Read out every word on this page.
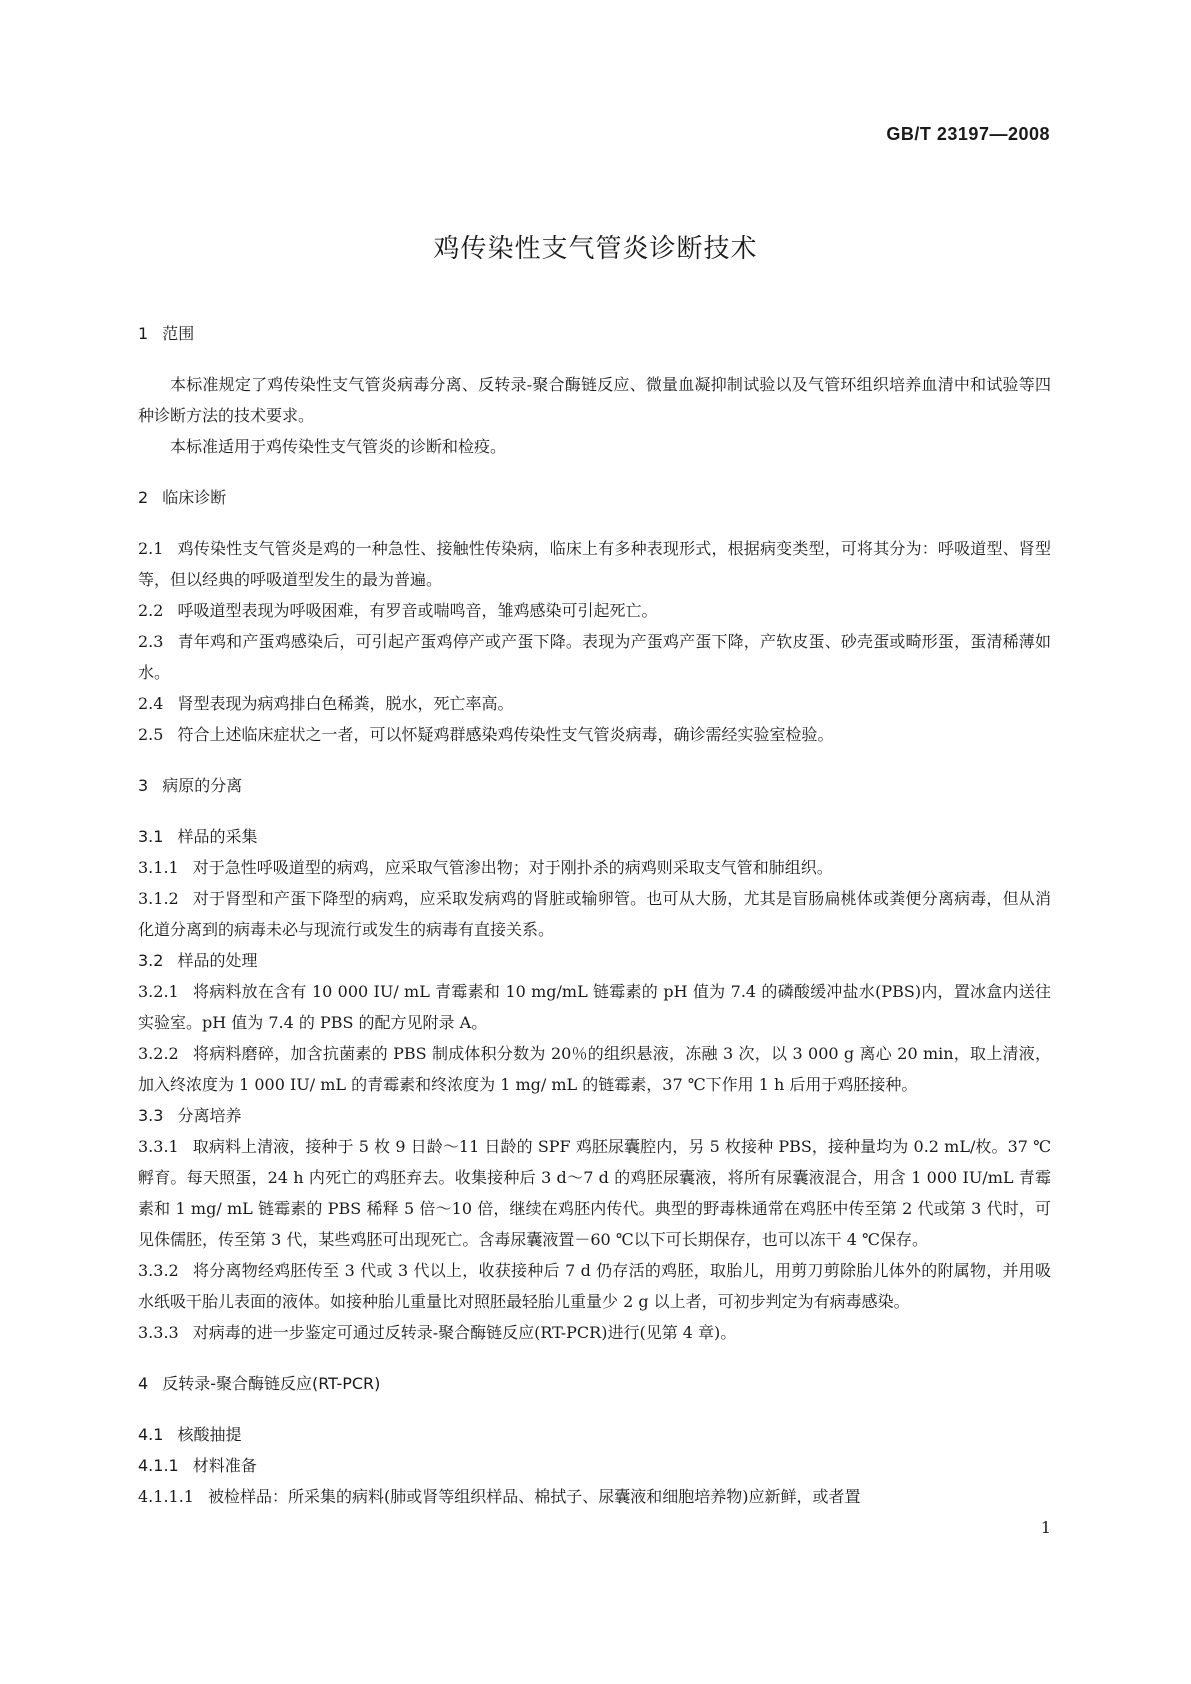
GB/T 23197—2008
鸡传染性支气管炎诊断技术
1 范围
本标准规定了鸡传染性支气管炎病毒分离、反转录-聚合酶链反应、微量血凝抑制试验以及气管环组织培养血清中和试验等四种诊断方法的技术要求。
本标准适用于鸡传染性支气管炎的诊断和检疫。
2 临床诊断
2.1 鸡传染性支气管炎是鸡的一种急性、接触性传染病，临床上有多种表现形式，根据病变类型，可将其分为：呼吸道型、肾型等，但以经典的呼吸道型发生的最为普遍。
2.2 呼吸道型表现为呼吸困难，有罗音或喘鸣音，雏鸡感染可引起死亡。
2.3 青年鸡和产蛋鸡感染后，可引起产蛋鸡停产或产蛋下降。表现为产蛋鸡产蛋下降，产软皮蛋、砂壳蛋或畸形蛋，蛋清稀薄如水。
2.4 肾型表现为病鸡排白色稀粪，脱水，死亡率高。
2.5 符合上述临床症状之一者，可以怀疑鸡群感染鸡传染性支气管炎病毒，确诊需经实验室检验。
3 病原的分离
3.1 样品的采集
3.1.1 对于急性呼吸道型的病鸡，应采取气管渗出物；对于刚扑杀的病鸡则采取支气管和肺组织。
3.1.2 对于肾型和产蛋下降型的病鸡，应采取发病鸡的肾脏或输卵管。也可从大肠，尤其是盲肠扁桃体或粪便分离病毒，但从消化道分离到的病毒未必与现流行或发生的病毒有直接关系。
3.2 样品的处理
3.2.1 将病料放在含有 10 000 IU/ mL 青霉素和 10 mg/mL 链霉素的 pH 值为 7.4 的磷酸缓冲盐水(PBS)内，置冰盒内送往实验室。pH 值为 7.4 的 PBS 的配方见附录 A。
3.2.2 将病料磨碎，加含抗菌素的 PBS 制成体积分数为 20％的组织悬液，冻融 3 次，以 3 000 g 离心 20 min，取上清液，加入终浓度为 1 000 IU/ mL 的青霉素和终浓度为 1 mg/ mL 的链霉素，37 ℃下作用 1 h 后用于鸡胚接种。
3.3 分离培养
3.3.1 取病料上清液，接种于 5 枚 9 日龄～11 日龄的 SPF 鸡胚尿囊腔内，另 5 枚接种 PBS，接种量均为 0.2 mL/枚。37 ℃孵育。每天照蛋，24 h 内死亡的鸡胚弃去。收集接种后 3 d～7 d 的鸡胚尿囊液，将所有尿囊液混合，用含 1 000 IU/mL 青霉素和 1 mg/ mL 链霉素的 PBS 稀释 5 倍～10 倍，继续在鸡胚内传代。典型的野毒株通常在鸡胚中传至第 2 代或第 3 代时，可见侏儒胚，传至第 3 代，某些鸡胚可出现死亡。含毒尿囊液置－60 ℃以下可长期保存，也可以冻干 4 ℃保存。
3.3.2 将分离物经鸡胚传至 3 代或 3 代以上，收获接种后 7 d 仍存活的鸡胚，取胎儿，用剪刀剪除胎儿体外的附属物，并用吸水纸吸干胎儿表面的液体。如接种胎儿重量比对照胚最轻胎儿重量少 2 g 以上者，可初步判定为有病毒感染。
3.3.3 对病毒的进一步鉴定可通过反转录-聚合酶链反应(RT-PCR)进行(见第 4 章)。
4 反转录-聚合酶链反应(RT-PCR)
4.1 核酸抽提
4.1.1 材料准备
4.1.1.1 被检样品：所采集的病料(肺或肾等组织样品、棉拭子、尿囊液和细胞培养物)应新鲜，或者置
1
